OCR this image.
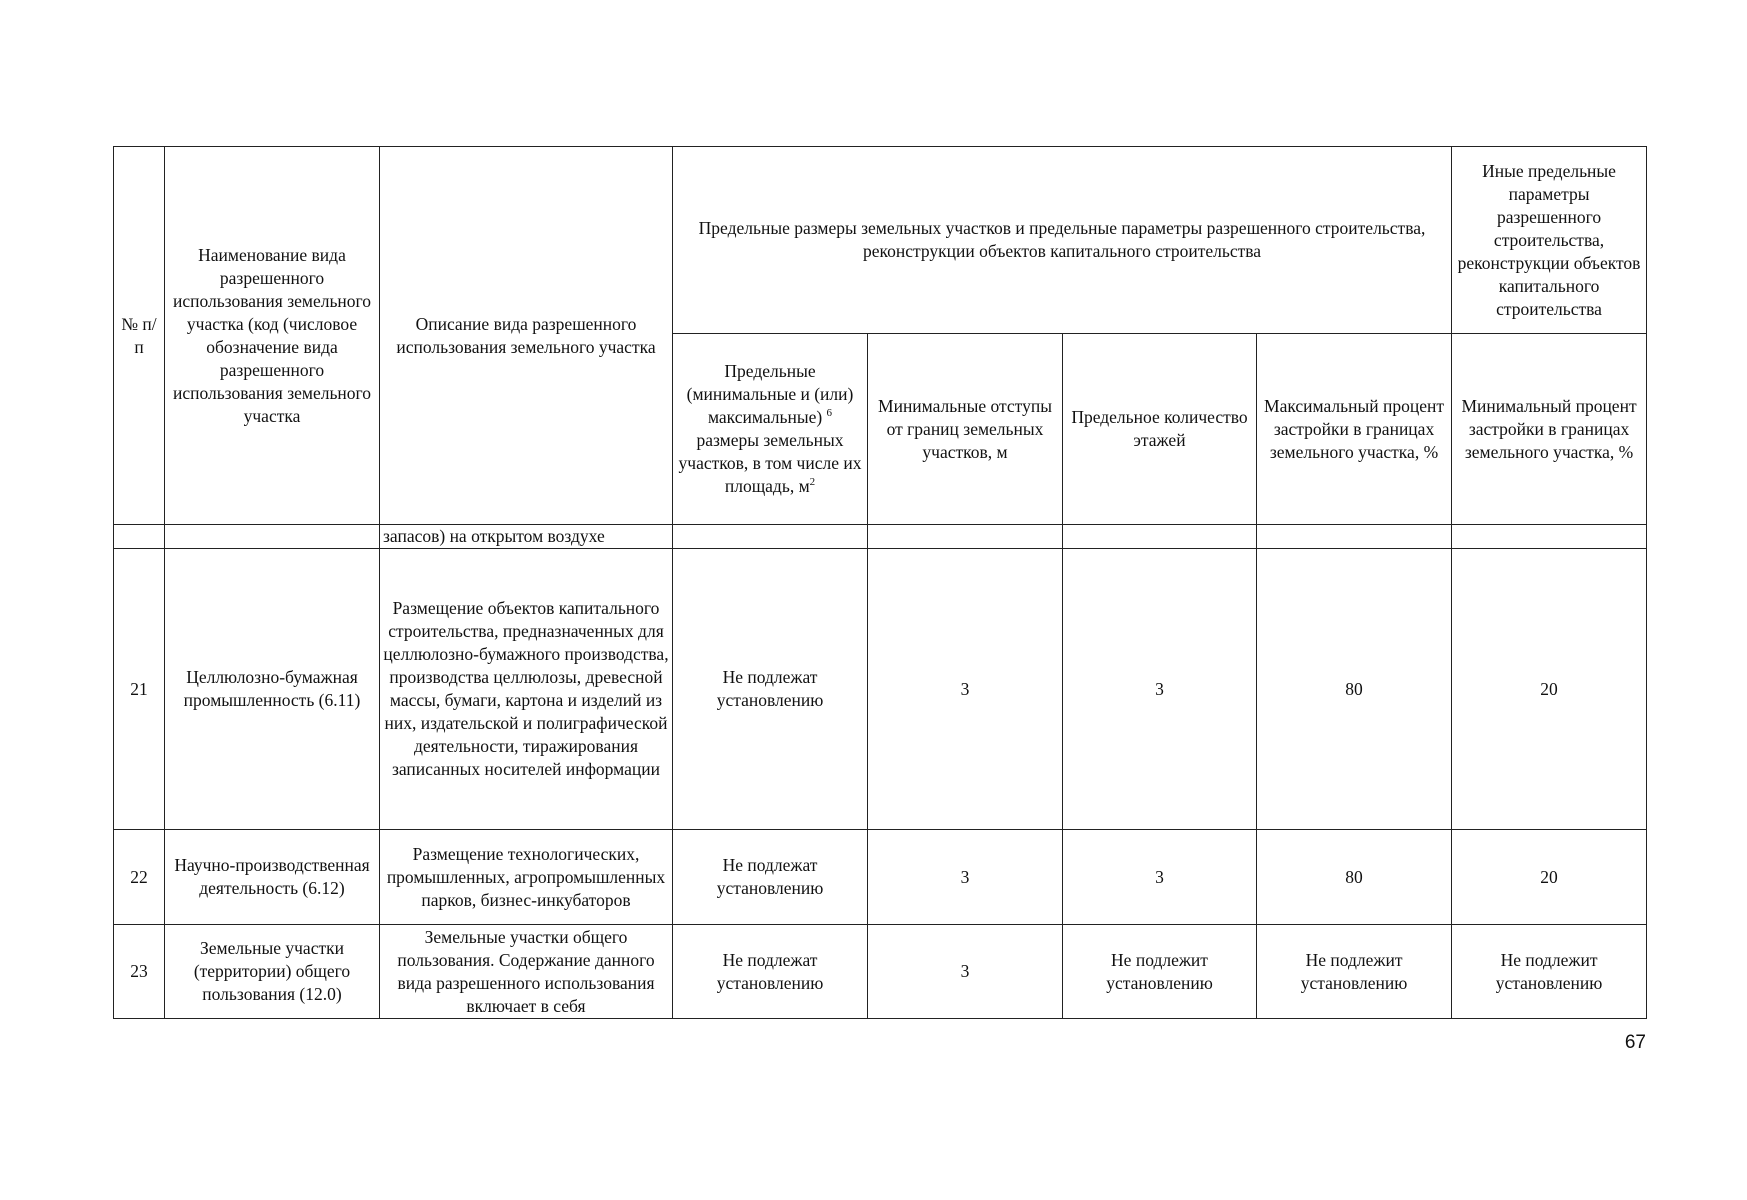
№ п/п	Наименование вида разрешенного использования земельного участка (код (числовое обозначение вида разрешенного использования земельного участка	Описание вида разрешенного использования земельного участка	Предельные размеры земельных участков и предельные параметры разрешенного строительства, реконструкции объектов капитального строительства				Иные предельные параметры разрешенного строительства, реконструкции объектов капитального строительства
			Предельные (минимальные и (или) максимальные) $^6$ размеры земельных участков, в том числе их площадь, $м^2$	Минимальные отступы от границ земельных участков, м	Предельное количество этажей	Максимальный процент застройки в границах земельного участка, %	Минимальный процент застройки в границах земельного участка, %
		запасов) на открытом воздухе					
21	Целлюлозно-бумажная промышленность (6.11)	Размещение объектов капитального строительства, предназначенных для целлюлозно-бумажного производства, производства целлюлозы, древесной массы, бумаги, картона и изделий из них, издательской и полиграфической деятельности, тиражирования записанных носителей информации	Не подлежат установлению	3	3	80	20
22	Научно-производственная деятельность (6.12)	Размещение технологических, промышленных, агропромышленных парков, бизнес-инкубаторов	Не подлежат установлению	3	3	80	20
23	Земельные участки (территории) общего пользования (12.0)	Земельные участки общего пользования. Содержание данного вида разрешенного использования включает в себя	Не подлежат установлению	3	Не подлежит установлению	Не подлежит установлению	Не подлежит установлению
67
